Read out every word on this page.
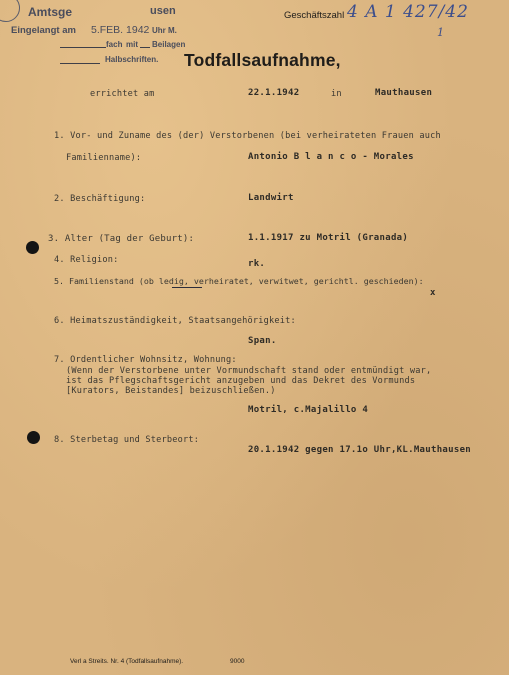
Amtsge	usen
Eingelangt am 5.FEB. 1942 Uhr M.
fach mit Beilagen
Halbschriften.
Geschäftszahl 4 A 1 427/42
1
Todfallsaufnahme,
errichtet am	22.1.1942	in	Mauthausen
1. Vor- und Zuname des (der) Verstorbenen (bei verheirateten Frauen auch
Familienname):	Antonio B l a n c o - Morales
2. Beschäftigung:	Landwirt
3. Alter (Tag der Geburt):	1.1.1917 zu Motril (Granada)
4. Religion:	rk.
5. Familienstand (ob ledig, verheiratet, verwitwet, gerichtl. geschieden):
x
6. Heimatszuständigkeit, Staatsangehörigkeit:
Span.
7. Ordentlicher Wohnsitz, Wohnung:
(Wenn der Verstorbene unter Vormundschaft stand oder entmündigt war,
ist das Pflegschaftsgericht anzugeben und das Dekret des Vormunds
[Kurators, Beistandes] beizuschließen.)
Motril, c.Majalillo 4
8. Sterbetag und Sterbeort:
20.1.1942 gegen 17.1o Uhr,KL.Mauthausen
Verl a Streits. Nr. 4 (Todfallsaufnahme).	9000
